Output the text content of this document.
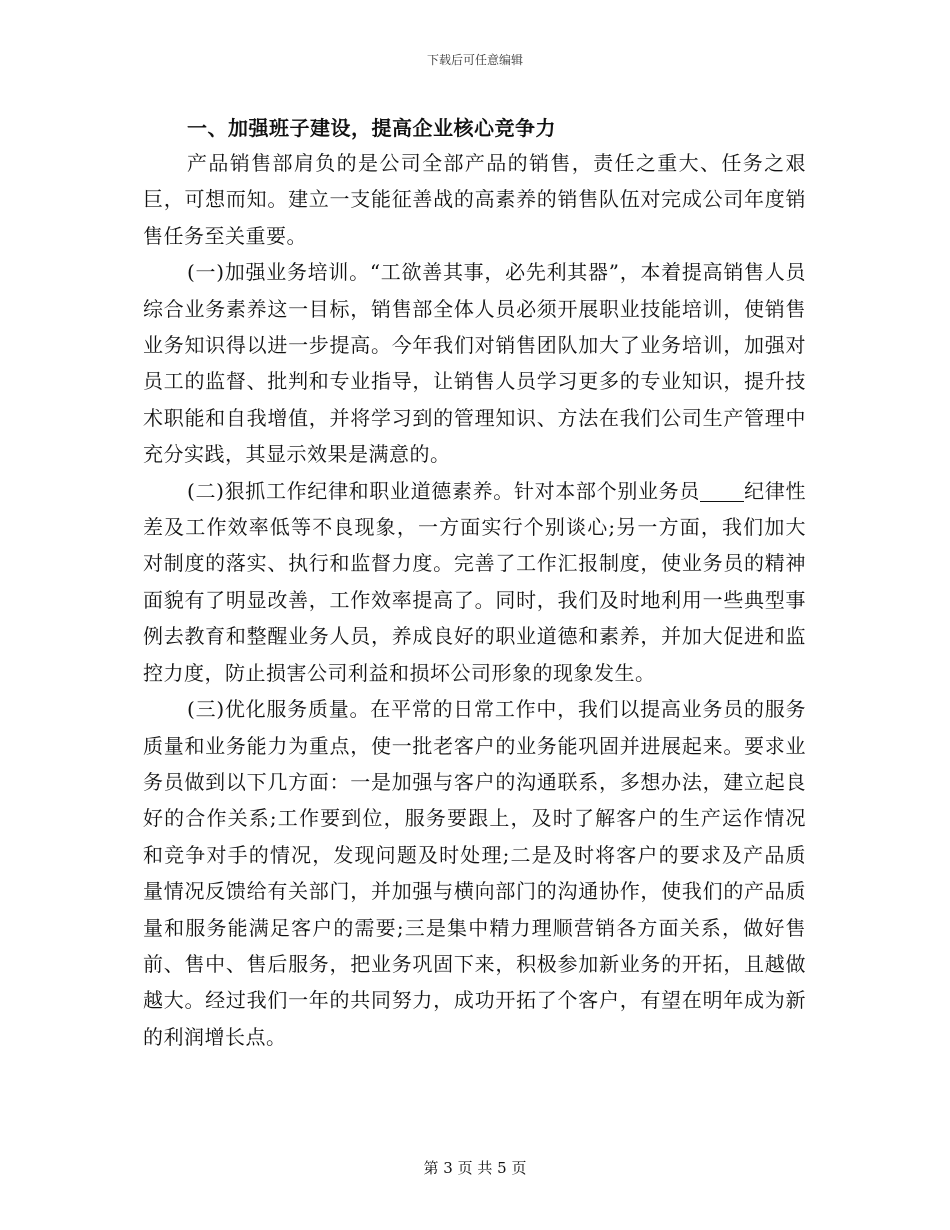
下载后可任意编辑

一、加强班子建设，提高企业核心竞争力

产品销售部肩负的是公司全部产品的销售，责任之重大、任务之艰巨，可想而知。建立一支能征善战的高素养的销售队伍对完成公司年度销售任务至关重要。

(一)加强业务培训。“工欲善其事，必先利其器”，本着提高销售人员综合业务素养这一目标，销售部全体人员必须开展职业技能培训，使销售业务知识得以进一步提高。今年我们对销售团队加大了业务培训，加强对员工的监督、批判和专业指导，让销售人员学习更多的专业知识，提升技术职能和自我增值，并将学习到的管理知识、方法在我们公司生产管理中充分实践，其显示效果是满意的。

(二)狠抓工作纪律和职业道德素养。针对本部个别业务员 纪律性差及工作效率低等不良现象，一方面实行个别谈心;另一方面，我们加大对制度的落实、执行和监督力度。完善了工作汇报制度，使业务员的精神面貌有了明显改善，工作效率提高了。同时，我们及时地利用一些典型事例去教育和整醒业务人员，养成良好的职业道德和素养，并加大促进和监控力度，防止损害公司利益和损坏公司形象的现象发生。

(三)优化服务质量。在平常的日常工作中，我们以提高业务员的服务质量和业务能力为重点，使一批老客户的业务能巩固并进展起来。要求业务员做到以下几方面：一是加强与客户的沟通联系，多想办法，建立起良好的合作关系;工作要到位，服务要跟上，及时了解客户的生产运作情况和竞争对手的情况，发现问题及时处理;二是及时将客户的要求及产品质量情况反馈给有关部门，并加强与横向部门的沟通协作，使我们的产品质量和服务能满足客户的需要;三是集中精力理顺营销各方面关系，做好售前、售中、售后服务，把业务巩固下来，积极参加新业务的开拓，且越做越大。经过我们一年的共同努力，成功开拓了个客户，有望在明年成为新的利润增长点。

第 3 页 共 5 页
